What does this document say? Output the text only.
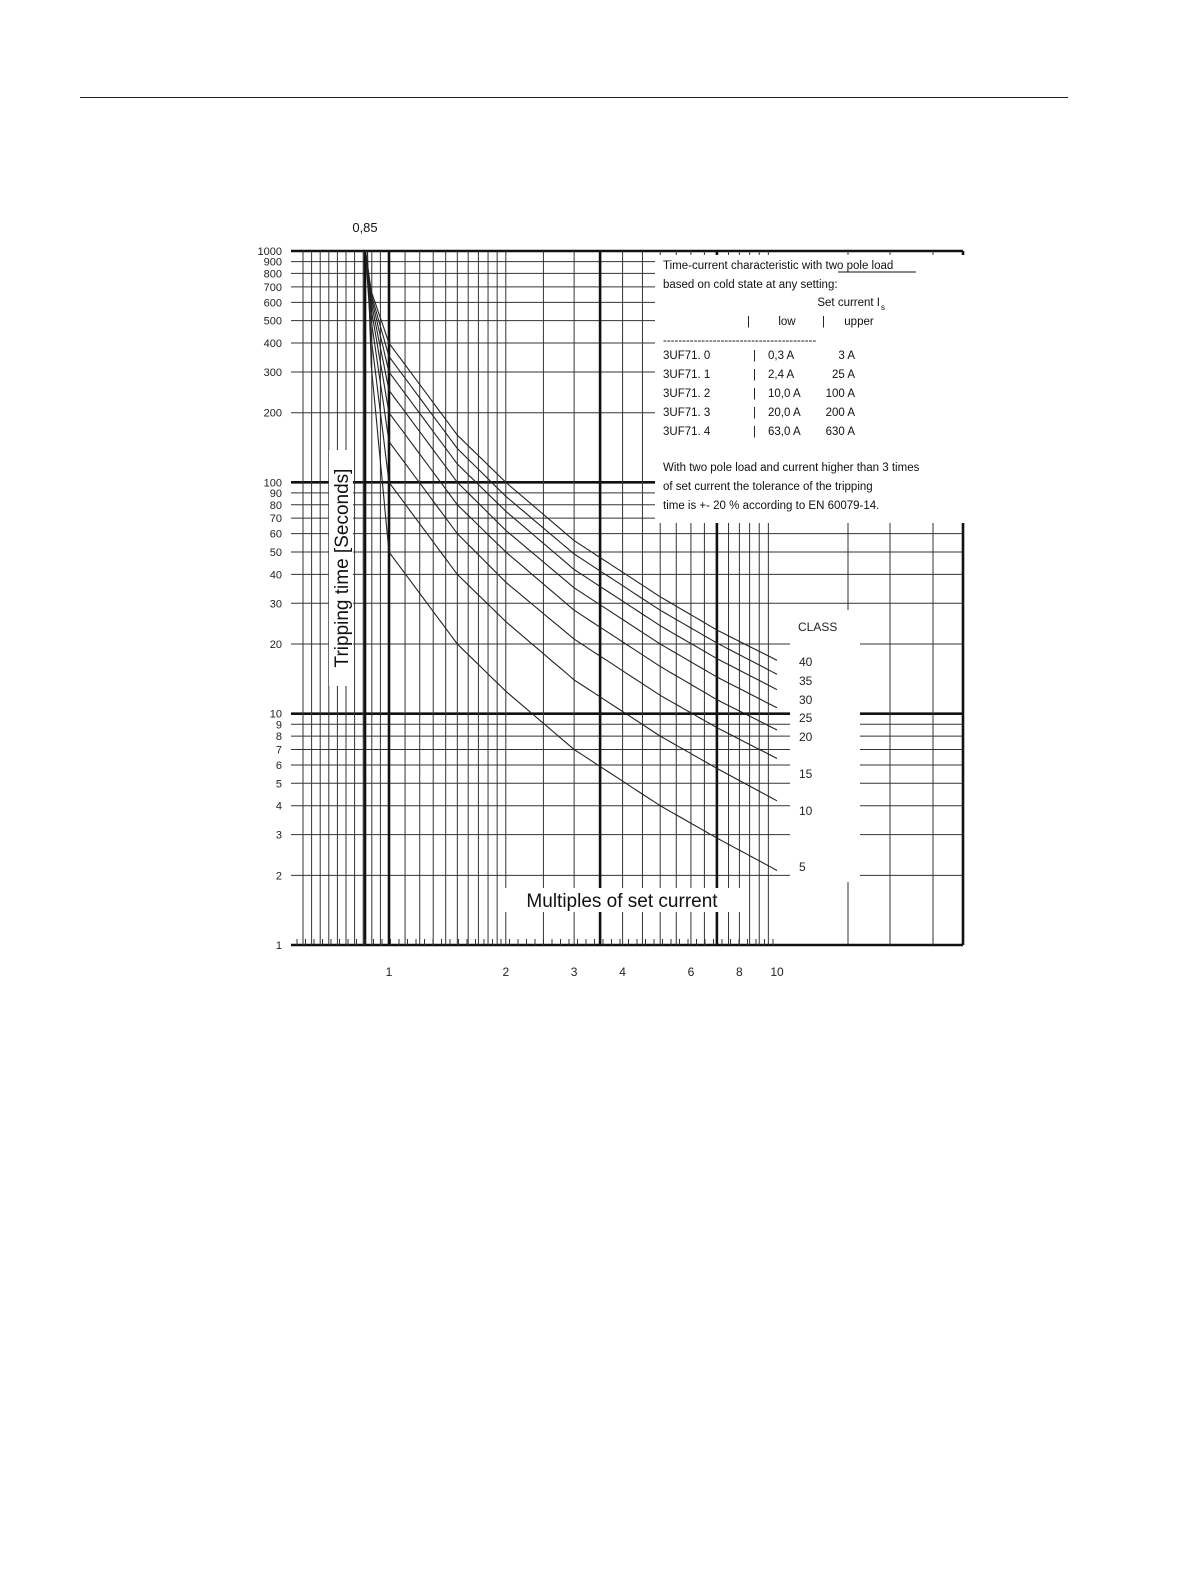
1
2
3
4
5
6
7
8
9
10
20
30
40
50
60
70
80
90
100
200
300
400
500
600
700
800
900
1000
1	2	3	4	6	8 10
CLASS
40
35
30
25
20
15
10
5
Time-current characteristic with two pole load
based on cold state at any setting:
Set current I s
| low | upper
----------------------------------------
3UF71. 0	| 0,3 A	3 A
3UF71. 1	| 2,4 A	25 A
3UF71. 2	| 10,0 A 100 A
3UF71. 3	| 20,0 A 200 A
3UF71. 4	| 63,0 A 630 A
With two pole load and current higher than 3 times
of set current the tolerance of the tripping
time is +- 20 % according to EN 60079-14.
0,85
Tripping time [Seconds]
Multiples of set current
